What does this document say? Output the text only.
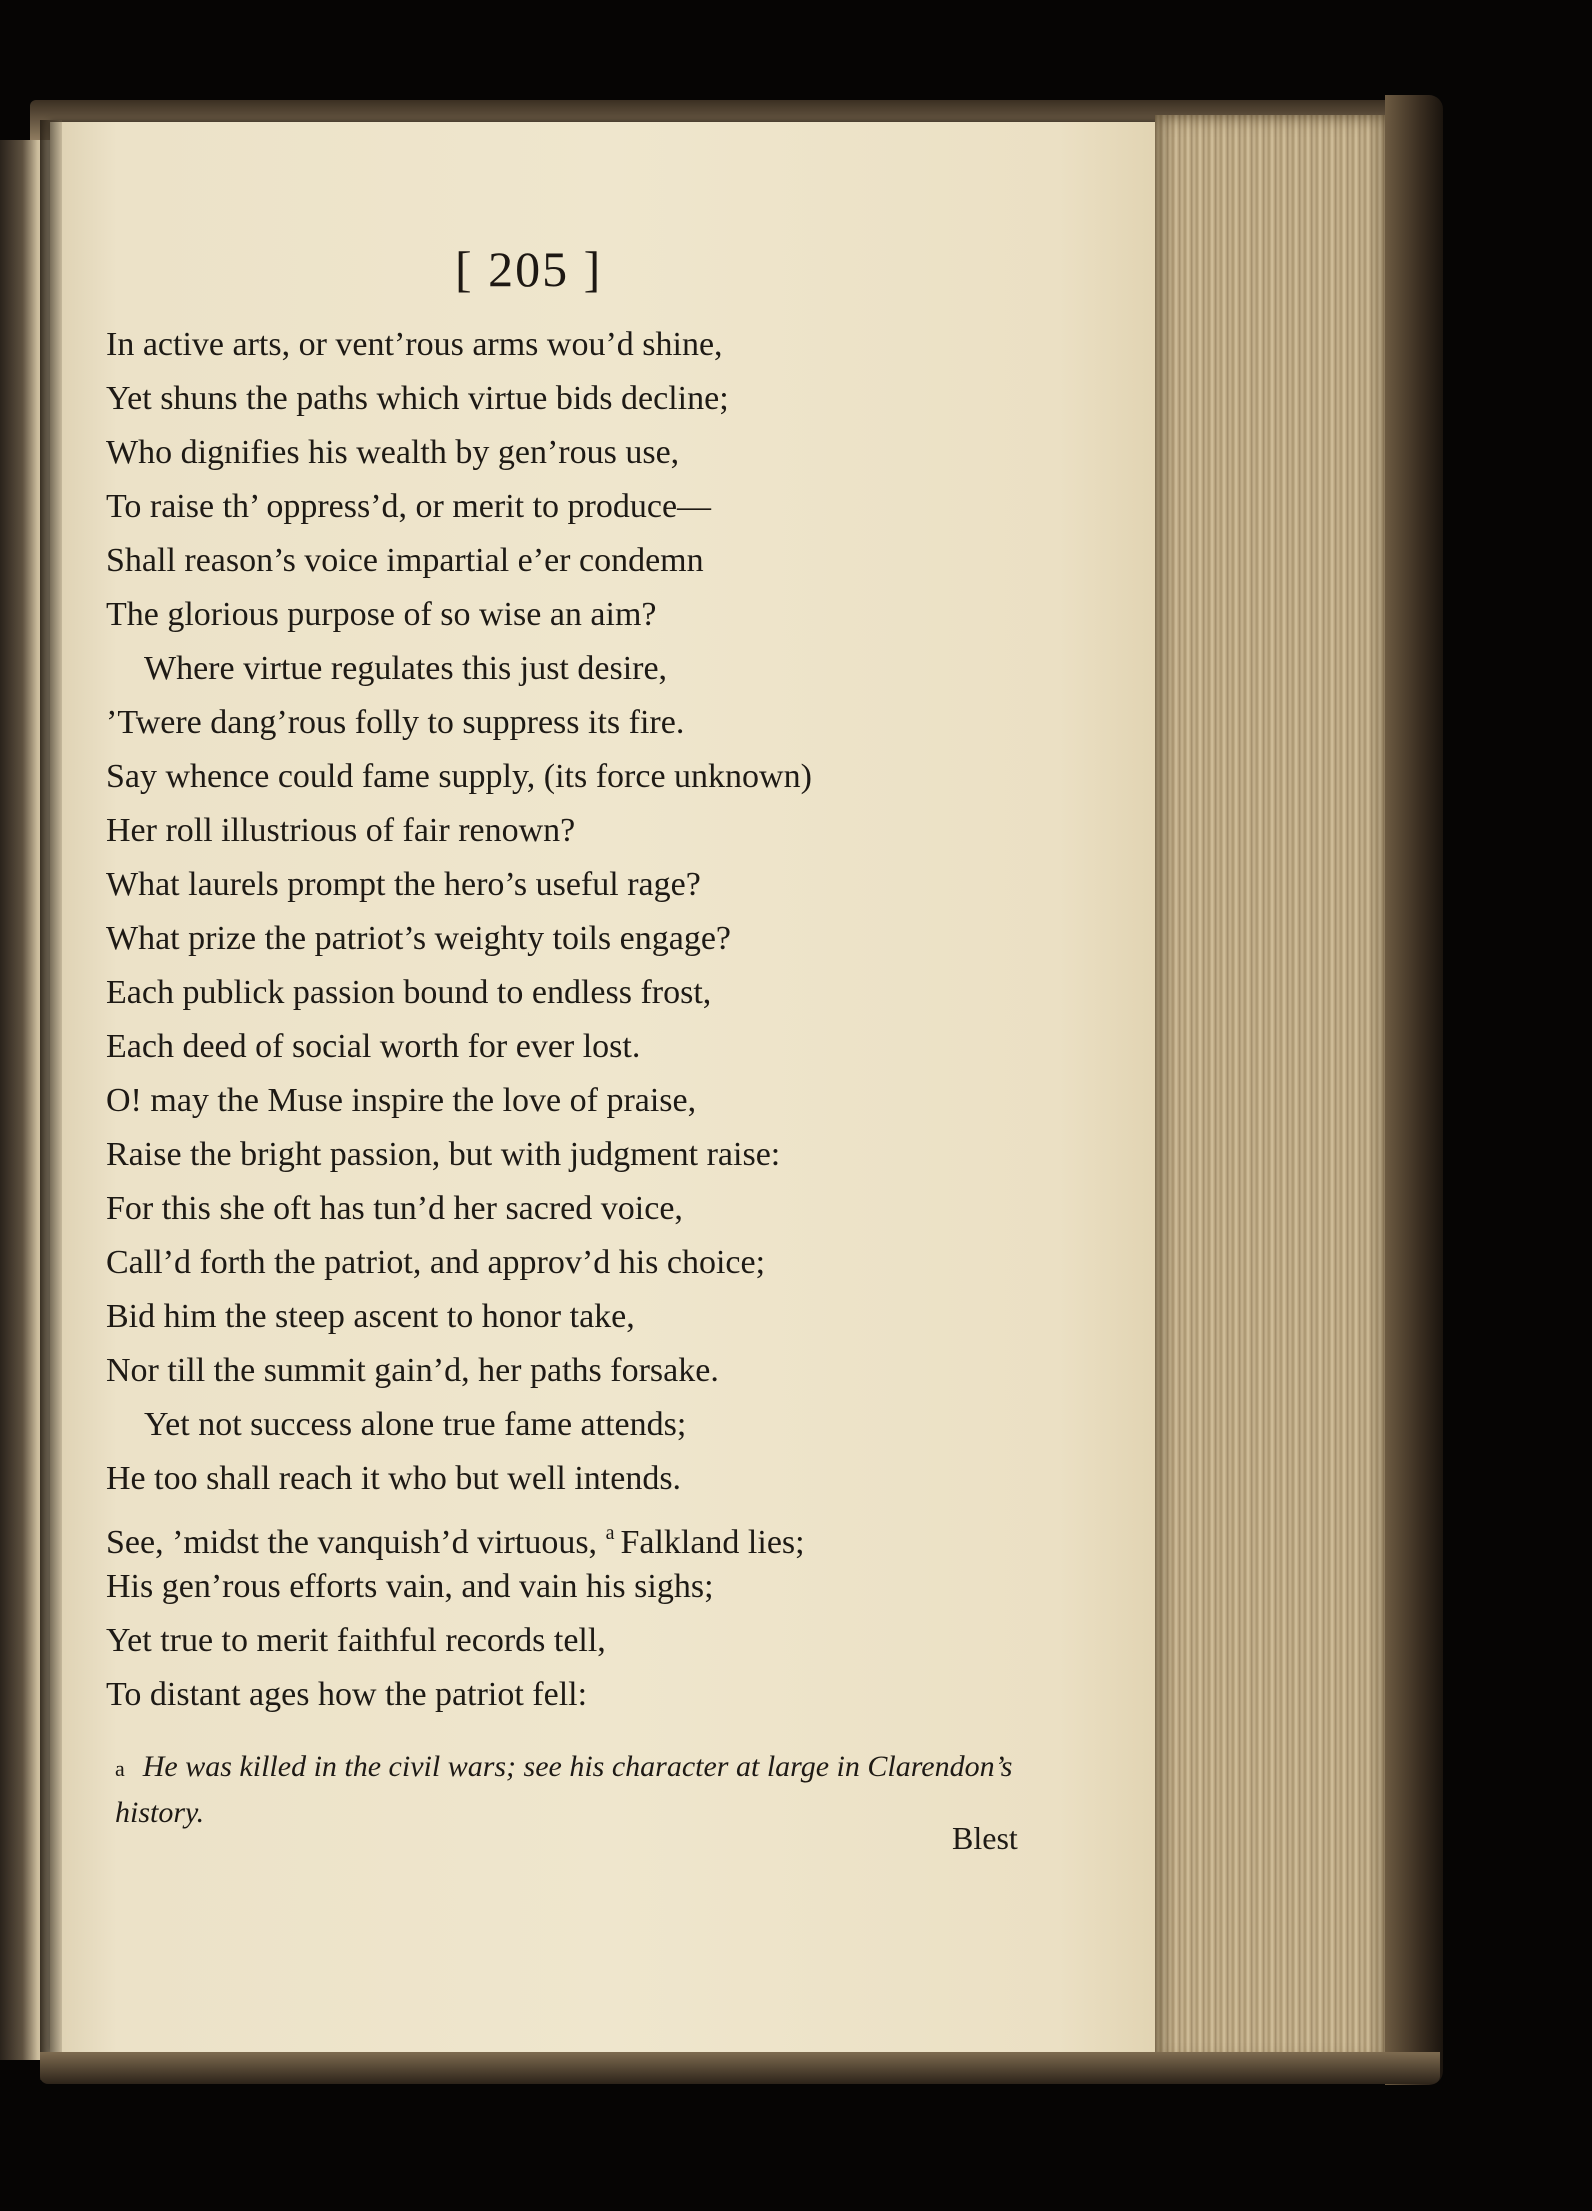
[ 205 ]
In active arts, or vent’rous arms wou’d shine,
Yet shuns the paths which virtue bids decline;
Who dignifies his wealth by gen’rous use,
To raise th’ oppress’d, or merit to produce—
Shall reason’s voice impartial e’er condemn
The glorious purpose of so wise an aim?
Where virtue regulates this just desire,
’Twere dang’rous folly to suppress its fire.
Say whence could fame supply, (its force unknown)
Her roll illustrious of fair renown?
What laurels prompt the hero’s useful rage?
What prize the patriot’s weighty toils engage?
Each publick passion bound to endless frost,
Each deed of social worth for ever lost.
O! may the Muse inspire the love of praise,
Raise the bright passion, but with judgment raise:
For this she oft has tun’d her sacred voice,
Call’d forth the patriot, and approv’d his choice;
Bid him the steep ascent to honor take,
Nor till the summit gain’d, her paths forsake.
Yet not success alone true fame attends;
He too shall reach it who but well intends.
See, ’midst the vanquish’d virtuous, $^a$ Falkland lies;
His gen’rous efforts vain, and vain his sighs;
Yet true to merit faithful records tell,
To distant ages how the patriot fell:
a He was killed in the civil wars; see his character at large in Clarendon’s history.
Blest
